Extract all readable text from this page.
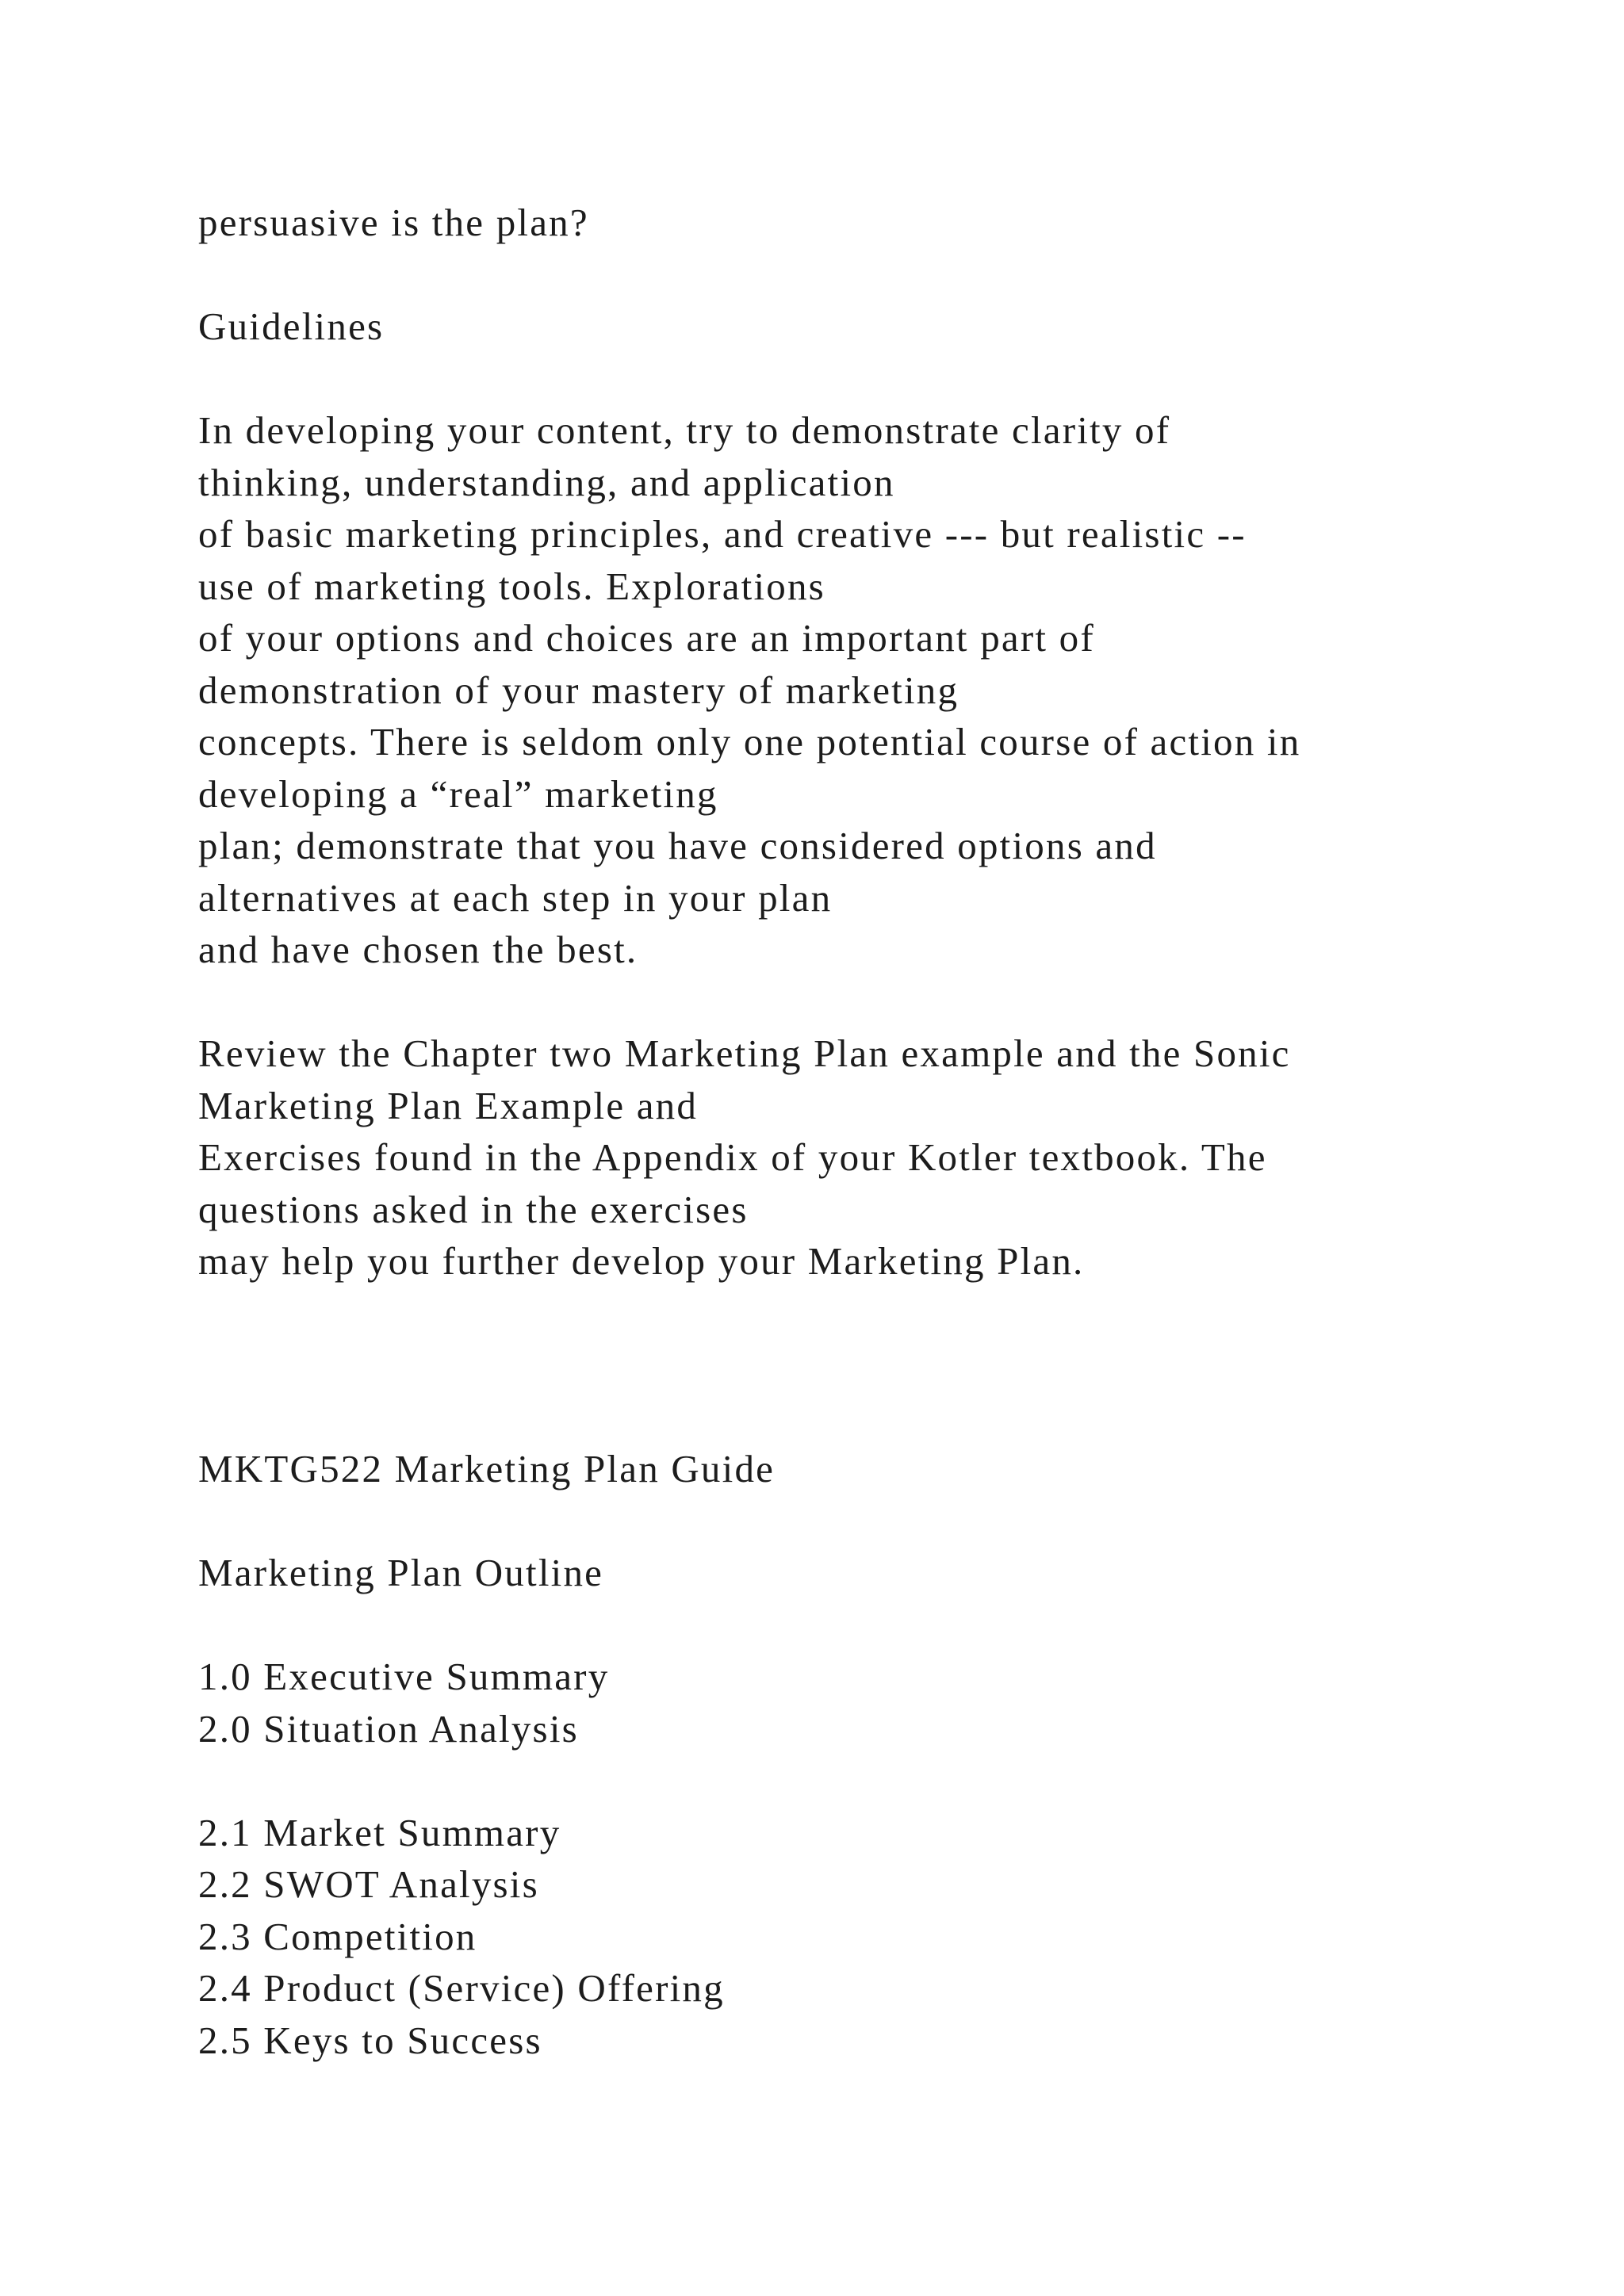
persuasive is the plan?
Guidelines
In developing your content, try to demonstrate clarity of
thinking, understanding, and application
of basic marketing principles, and creative --- but realistic --
use of marketing tools. Explorations
of your options and choices are an important part of
demonstration of your mastery of marketing
concepts. There is seldom only one potential course of action in
developing a “real” marketing
plan; demonstrate that you have considered options and
alternatives at each step in your plan
and have chosen the best.
Review the Chapter two Marketing Plan example and the Sonic
Marketing Plan Example and
Exercises found in the Appendix of your Kotler textbook. The
questions asked in the exercises
may help you further develop your Marketing Plan.
MKTG522 Marketing Plan Guide
Marketing Plan Outline
1.0 Executive Summary
2.0 Situation Analysis
2.1 Market Summary
2.2 SWOT Analysis
2.3 Competition
2.4 Product (Service) Offering
2.5 Keys to Success
